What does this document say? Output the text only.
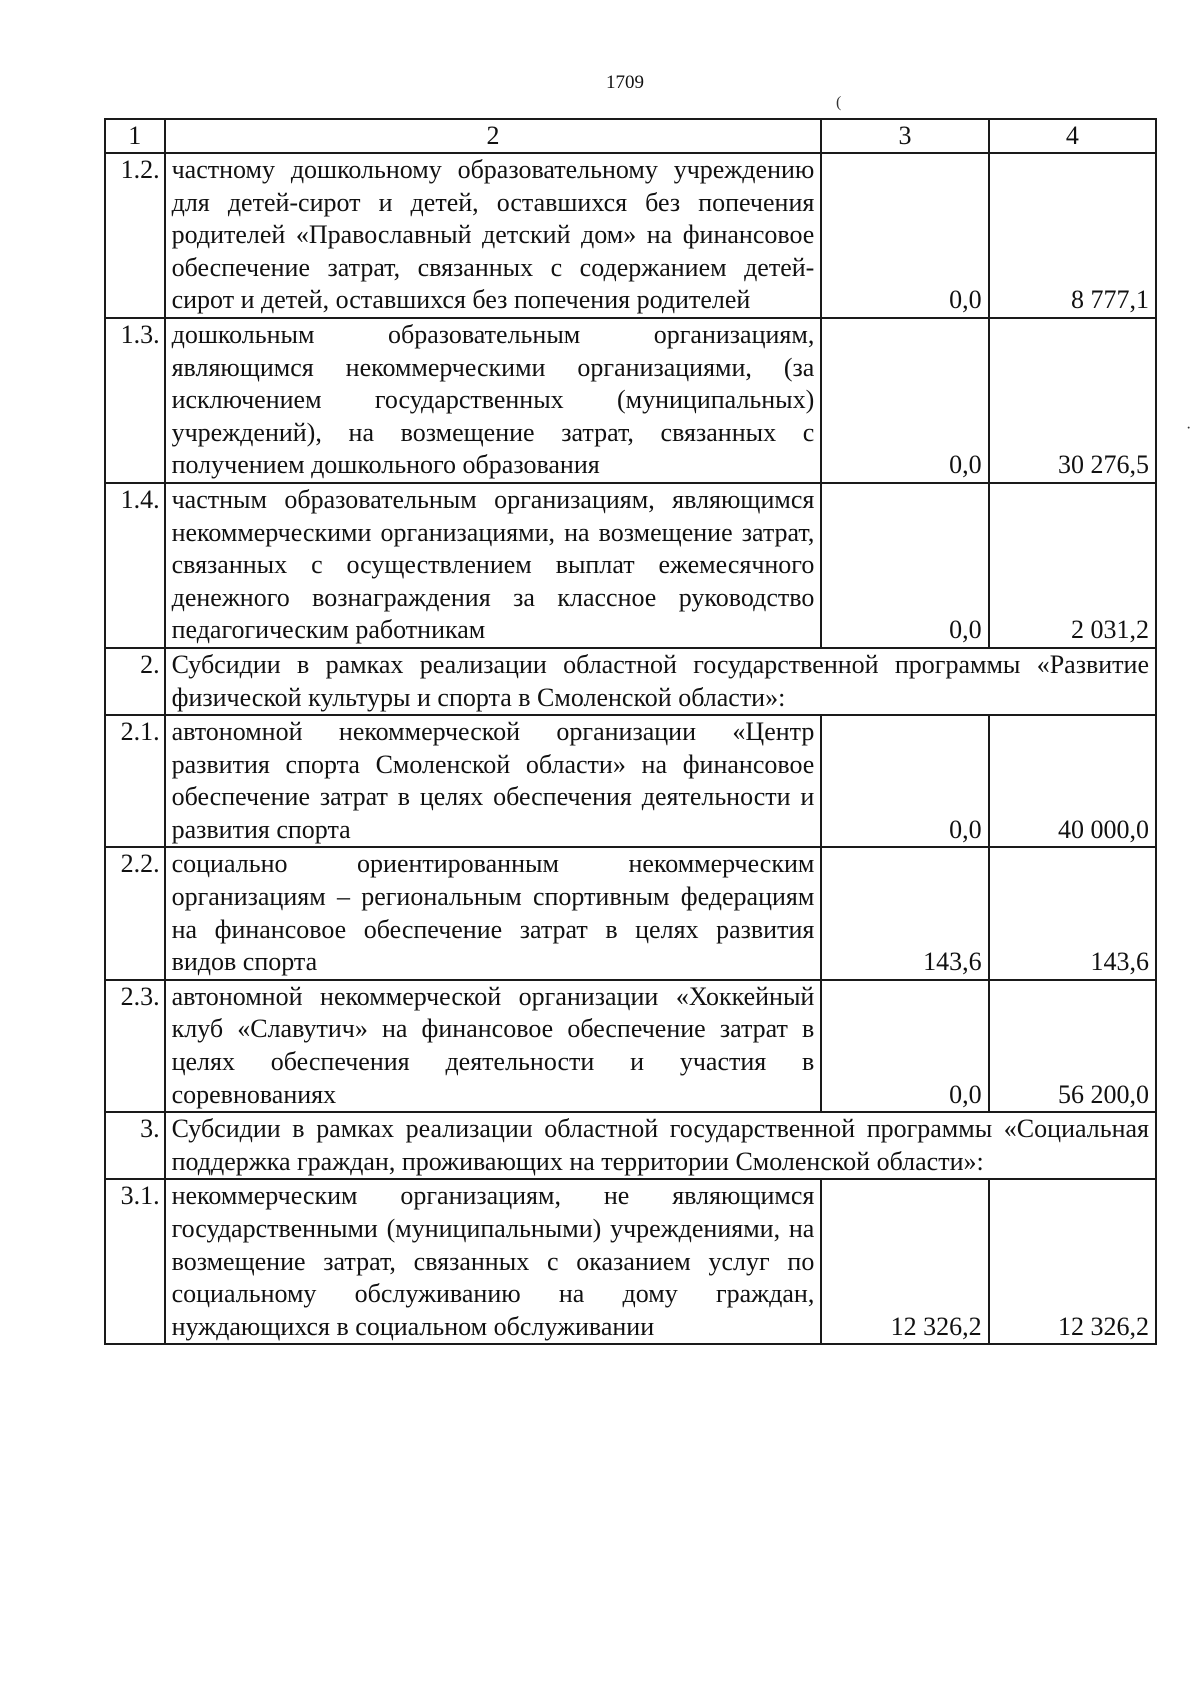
1709
(
·
1	2	3	4
1.2.	частному дошкольному образовательному учреждению для детей-сирот и детей, оставшихся без попечения родителей «Православный детский дом» на финансовое обеспечение затрат, связанных с содержанием детей-сирот и детей, оставшихся без попечения родителей	0,0	8 777,1
1.3.	дошкольным образовательным организациям, являющимся некоммерческими организациями, (за исключением государственных (муниципальных) учреждений), на возмещение затрат, связанных с получением дошкольного образования	0,0	30 276,5
1.4.	частным образовательным организациям, являющимся некоммерческими организациями, на возмещение затрат, связанных с осуществлением выплат ежемесячного денежного вознаграждения за классное руководство педагогическим работникам	0,0	2 031,2
2.	Субсидии в рамках реализации областной государственной программы «Развитие физической культуры и спорта в Смоленской области»:		
2.1.	автономной некоммерческой организации «Центр развития спорта Смоленской области» на финансовое обеспечение затрат в целях обеспечения деятельности и развития спорта	0,0	40 000,0
2.2.	социально ориентированным некоммерческим организациям – региональным спортивным федерациям на финансовое обеспечение затрат в целях развития видов спорта	143,6	143,6
2.3.	автономной некоммерческой организации «Хоккейный клуб «Славутич» на финансовое обеспечение затрат в целях обеспечения деятельности и участия в соревнованиях	0,0	56 200,0
3.	Субсидии в рамках реализации областной государственной программы «Социальная поддержка граждан, проживающих на территории Смоленской области»:		
3.1.	некоммерческим организациям, не являющимся государственными (муниципальными) учреждениями, на возмещение затрат, связанных с оказанием услуг по социальному обслуживанию на дому граждан, нуждающихся в социальном обслуживании	12 326,2	12 326,2
